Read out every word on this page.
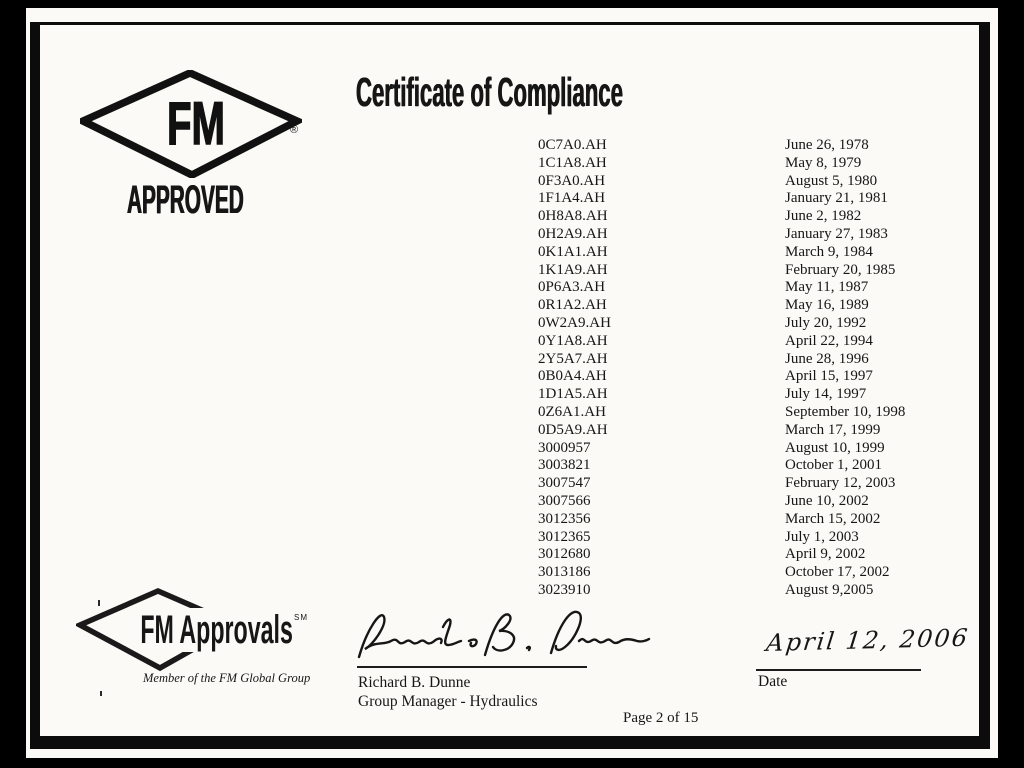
FM	®
APPROVED
Certificate of Compliance
0C7A0.AH	June 26, 1978
1C1A8.AH	May 8, 1979
0F3A0.AH	August 5, 1980
1F1A4.AH	January 21, 1981
0H8A8.AH	June 2, 1982
0H2A9.AH	January 27, 1983
0K1A1.AH	March 9, 1984
1K1A9.AH	February 20, 1985
0P6A3.AH	May 11, 1987
0R1A2.AH	May 16, 1989
0W2A9.AH	July 20, 1992
0Y1A8.AH	April 22, 1994
2Y5A7.AH	June 28, 1996
0B0A4.AH	April 15, 1997
1D1A5.AH	July 14, 1997
0Z6A1.AH	September 10, 1998
0D5A9.AH	March 17, 1999
3000957	August 10, 1999
3003821	October 1, 2001
3007547	February 12, 2003
3007566	June 10, 2002
3012356	March 15, 2002
3012365	July 1, 2003
3012680	April 9, 2002
3013186	October 17, 2002
3023910	August 9,2005
FM Approvals SM
Member of the FM Global Group	Richard B. Dunne
Group Manager - Hydraulics
April 12, 2006
Date
Page 2 of 15
